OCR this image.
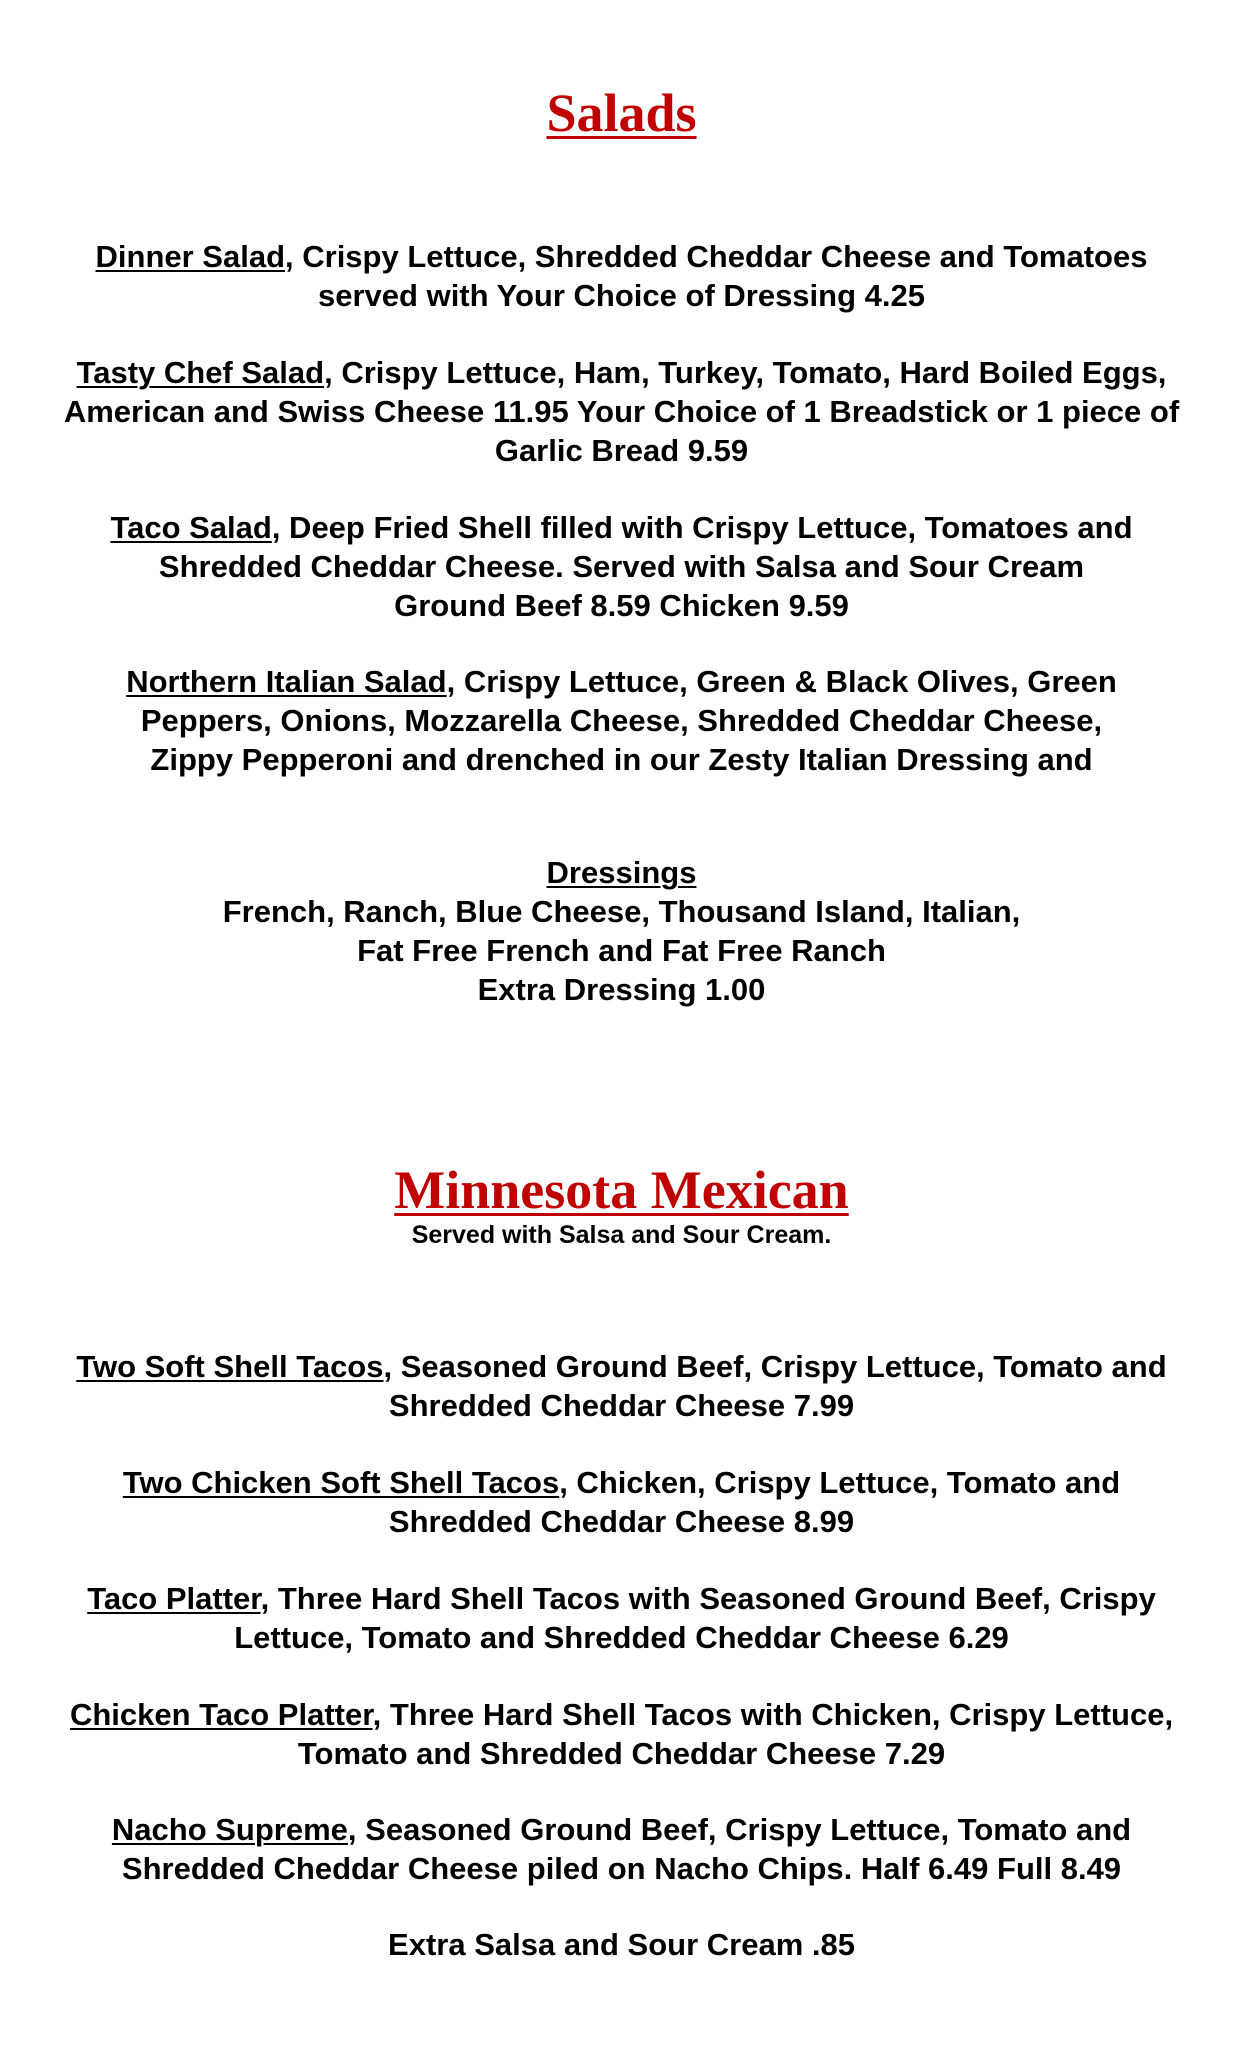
Salads
Dinner Salad, Crispy Lettuce, Shredded Cheddar Cheese and Tomatoes
served with Your Choice of Dressing 4.25
Tasty Chef Salad, Crispy Lettuce, Ham, Turkey, Tomato, Hard Boiled Eggs,
American and Swiss Cheese 11.95 Your Choice of 1 Breadstick or 1 piece of
Garlic Bread 9.59
Taco Salad, Deep Fried Shell filled with Crispy Lettuce, Tomatoes and
Shredded Cheddar Cheese. Served with Salsa and Sour Cream
Ground Beef 8.59 Chicken 9.59
Northern Italian Salad, Crispy Lettuce, Green & Black Olives, Green
Peppers, Onions, Mozzarella Cheese, Shredded Cheddar Cheese,
Zippy Pepperoni and drenched in our Zesty Italian Dressing and
Dressings
French, Ranch, Blue Cheese, Thousand Island, Italian,
Fat Free French and Fat Free Ranch
Extra Dressing 1.00
Minnesota Mexican
Served with Salsa and Sour Cream.
Two Soft Shell Tacos, Seasoned Ground Beef, Crispy Lettuce, Tomato and
Shredded Cheddar Cheese 7.99
Two Chicken Soft Shell Tacos, Chicken, Crispy Lettuce, Tomato and
Shredded Cheddar Cheese 8.99
Taco Platter, Three Hard Shell Tacos with Seasoned Ground Beef, Crispy
Lettuce, Tomato and Shredded Cheddar Cheese 6.29
Chicken Taco Platter, Three Hard Shell Tacos with Chicken, Crispy Lettuce,
Tomato and Shredded Cheddar Cheese 7.29
Nacho Supreme, Seasoned Ground Beef, Crispy Lettuce, Tomato and
Shredded Cheddar Cheese piled on Nacho Chips. Half 6.49 Full 8.49
Extra Salsa and Sour Cream .85
